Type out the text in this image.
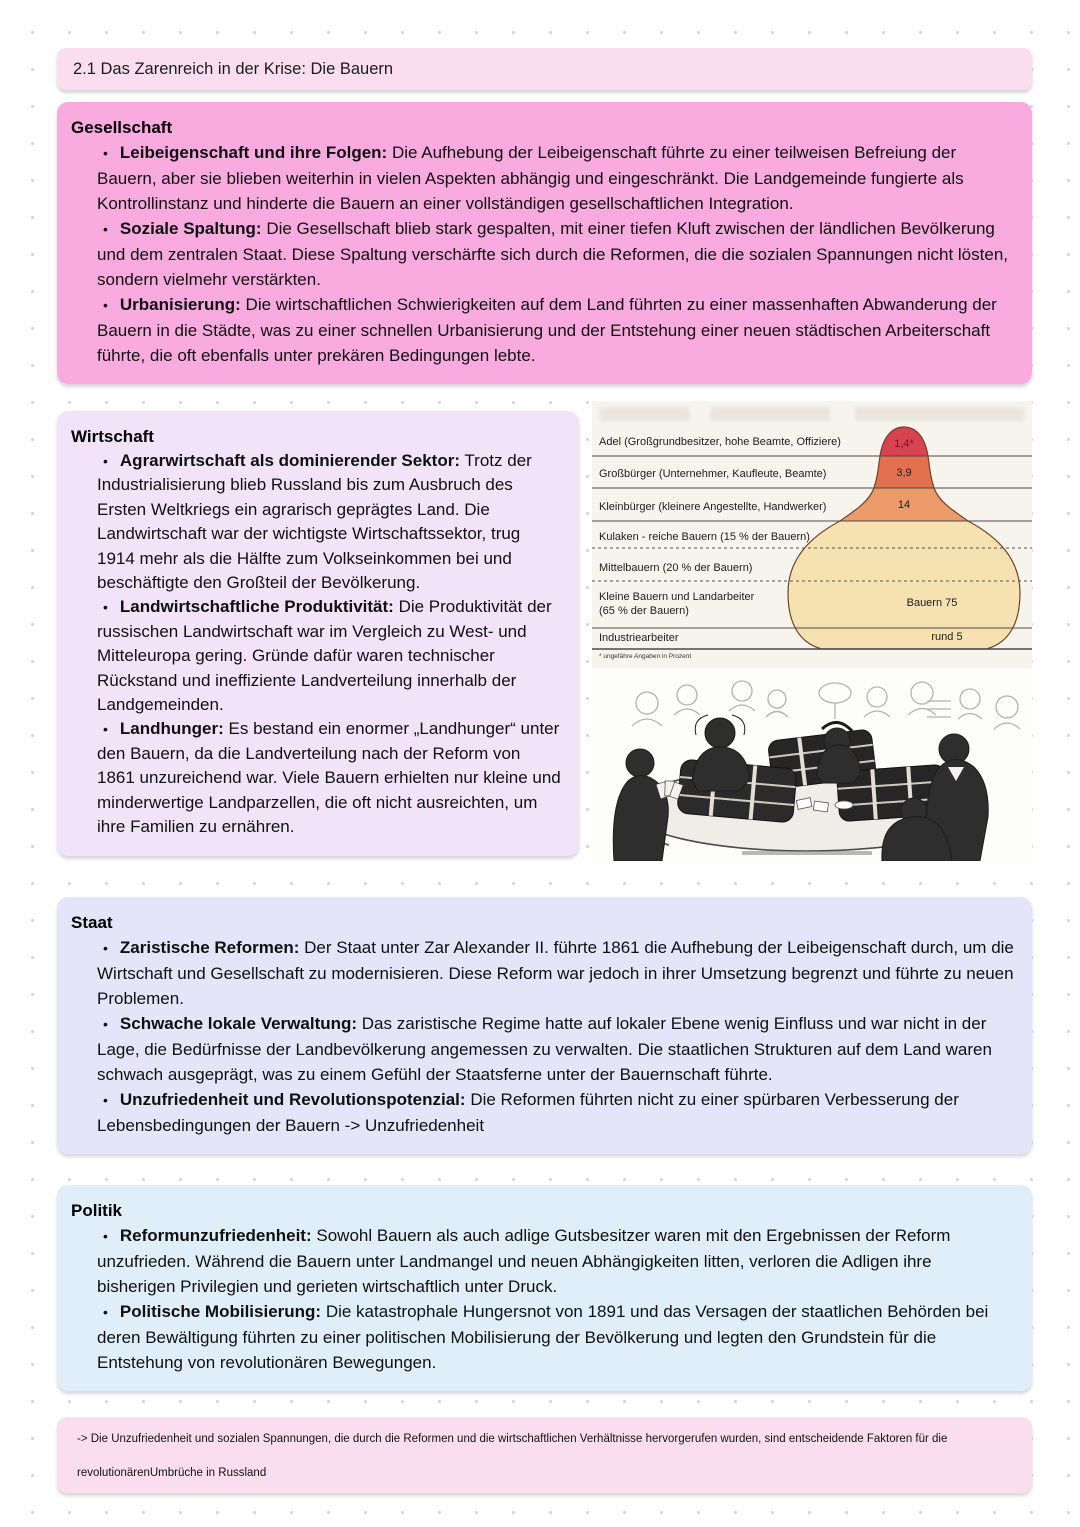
2.1 Das Zarenreich in der Krise: Die Bauern
Gesellschaft

• Leibeigenschaft und ihre Folgen: Die Aufhebung der Leibeigenschaft führte zu einer teilweisen Befreiung der Bauern, aber sie blieben weiterhin in vielen Aspekten abhängig und eingeschränkt. Die Landgemeinde fungierte als Kontrollinstanz und hinderte die Bauern an einer vollständigen gesellschaftlichen Integration.

• Soziale Spaltung: Die Gesellschaft blieb stark gespalten, mit einer tiefen Kluft zwischen der ländlichen Bevölkerung und dem zentralen Staat. Diese Spaltung verschärfte sich durch die Reformen, die die sozialen Spannungen nicht lösten, sondern vielmehr verstärkten.

• Urbanisierung: Die wirtschaftlichen Schwierigkeiten auf dem Land führten zu einer massenhaften Abwanderung der Bauern in die Städte, was zu einer schnellen Urbanisierung und der Entstehung einer neuen städtischen Arbeiterschaft führte, die oft ebenfalls unter prekären Bedingungen lebte.

Wirtschaft

• Agrarwirtschaft als dominierender Sektor: Trotz der Industrialisierung blieb Russland bis zum Ausbruch des Ersten Weltkriegs ein agrarisch geprägtes Land. Die Landwirtschaft war der wichtigste Wirtschaftssektor, trug 1914 mehr als die Hälfte zum Volkseinkommen bei und beschäftigte den Großteil der Bevölkerung.

• Landwirtschaftliche Produktivität: Die Produktivität der russischen Landwirtschaft war im Vergleich zu West- und Mitteleuropa gering. Gründe dafür waren technischer Rückstand und ineffiziente Landverteilung innerhalb der Landgemeinden.

• Landhunger: Es bestand ein enormer „Landhunger“ unter den Bauern, da die Landverteilung nach der Reform von 1861 unzureichend war. Viele Bauern erhielten nur kleine und minderwertige Landparzellen, die oft nicht ausreichten, um ihre Familien zu ernähren.

Adel (Großgrundbesitzer, hohe Beamte, Offiziere)
Großbürger (Unternehmer, Kaufleute, Beamte)
Kleinbürger (kleinere Angestellte, Handwerker)
Kulaken - reiche Bauern (15 % der Bauern)
Mittelbauern (20 % der Bauern)
Kleine Bauern und Landarbeiter
(65 % der Bauern)
Industriearbeiter
1,4*
3,9
14
Bauern 75
rund 5
* ungefähre Angaben in Prozent
Staat

• Zaristische Reformen: Der Staat unter Zar Alexander II. führte 1861 die Aufhebung der Leibeigenschaft durch, um die Wirtschaft und Gesellschaft zu modernisieren. Diese Reform war jedoch in ihrer Umsetzung begrenzt und führte zu neuen Problemen.

• Schwache lokale Verwaltung: Das zaristische Regime hatte auf lokaler Ebene wenig Einfluss und war nicht in der Lage, die Bedürfnisse der Landbevölkerung angemessen zu verwalten. Die staatlichen Strukturen auf dem Land waren schwach ausgeprägt, was zu einem Gefühl der Staatsferne unter der Bauernschaft führte.

• Unzufriedenheit und Revolutionspotenzial: Die Reformen führten nicht zu einer spürbaren Verbesserung der Lebensbedingungen der Bauern -> Unzufriedenheit

Politik

• Reformunzufriedenheit: Sowohl Bauern als auch adlige Gutsbesitzer waren mit den Ergebnissen der Reform unzufrieden. Während die Bauern unter Landmangel und neuen Abhängigkeiten litten, verloren die Adligen ihre bisherigen Privilegien und gerieten wirtschaftlich unter Druck.

• Politische Mobilisierung: Die katastrophale Hungersnot von 1891 und das Versagen der staatlichen Behörden bei deren Bewältigung führten zu einer politischen Mobilisierung der Bevölkerung und legten den Grundstein für die Entstehung von revolutionären Bewegungen.

-> Die Unzufriedenheit und sozialen Spannungen, die durch die Reformen und die wirtschaftlichen Verhältnisse hervorgerufen wurden, sind entscheidende Faktoren für die

revolutionärenUmbrüche in Russland
